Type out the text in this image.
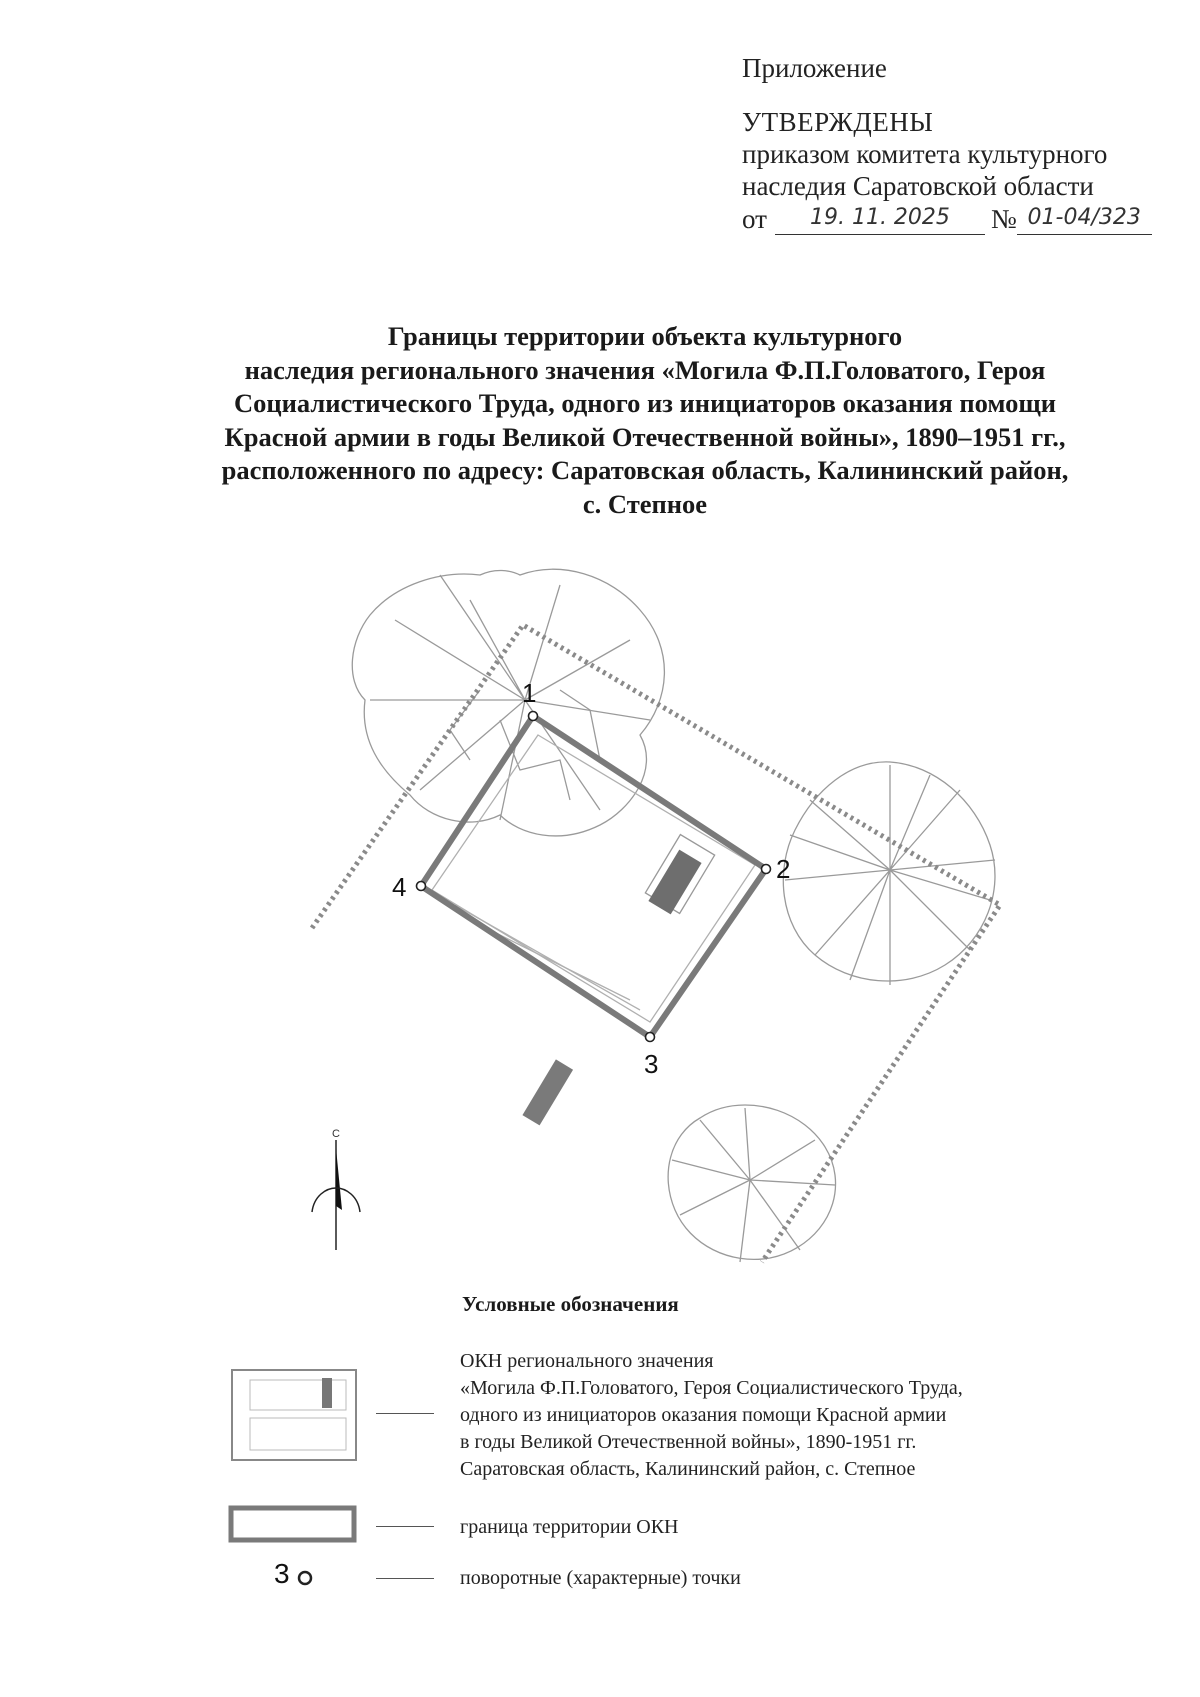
Приложение
УТВЕРЖДЕНЫ
приказом комитета культурного
наследия Саратовской области
от	19. 11. 2025	№ 01-04/323
Границы территории объекта культурного
наследия регионального значения «Могила Ф.П.Головатого, Героя
Социалистического Труда, одного из инициаторов оказания помощи
Красной армии в годы Великой Отечественной войны», 1890–1951 гг.,
расположенного по адресу: Саратовская область, Калининский район,
с. Степное
1
2
3
4
С
Условные обозначения
ОКН регионального значения
«Могила Ф.П.Головатого, Героя Социалистического Труда,
одного из инициаторов оказания помощи Красной армии
в годы Великой Отечественной войны», 1890-1951 гг.
Саратовская область, Калининский район, с. Степное
граница территории ОКН
3	поворотные (характерные) точки
